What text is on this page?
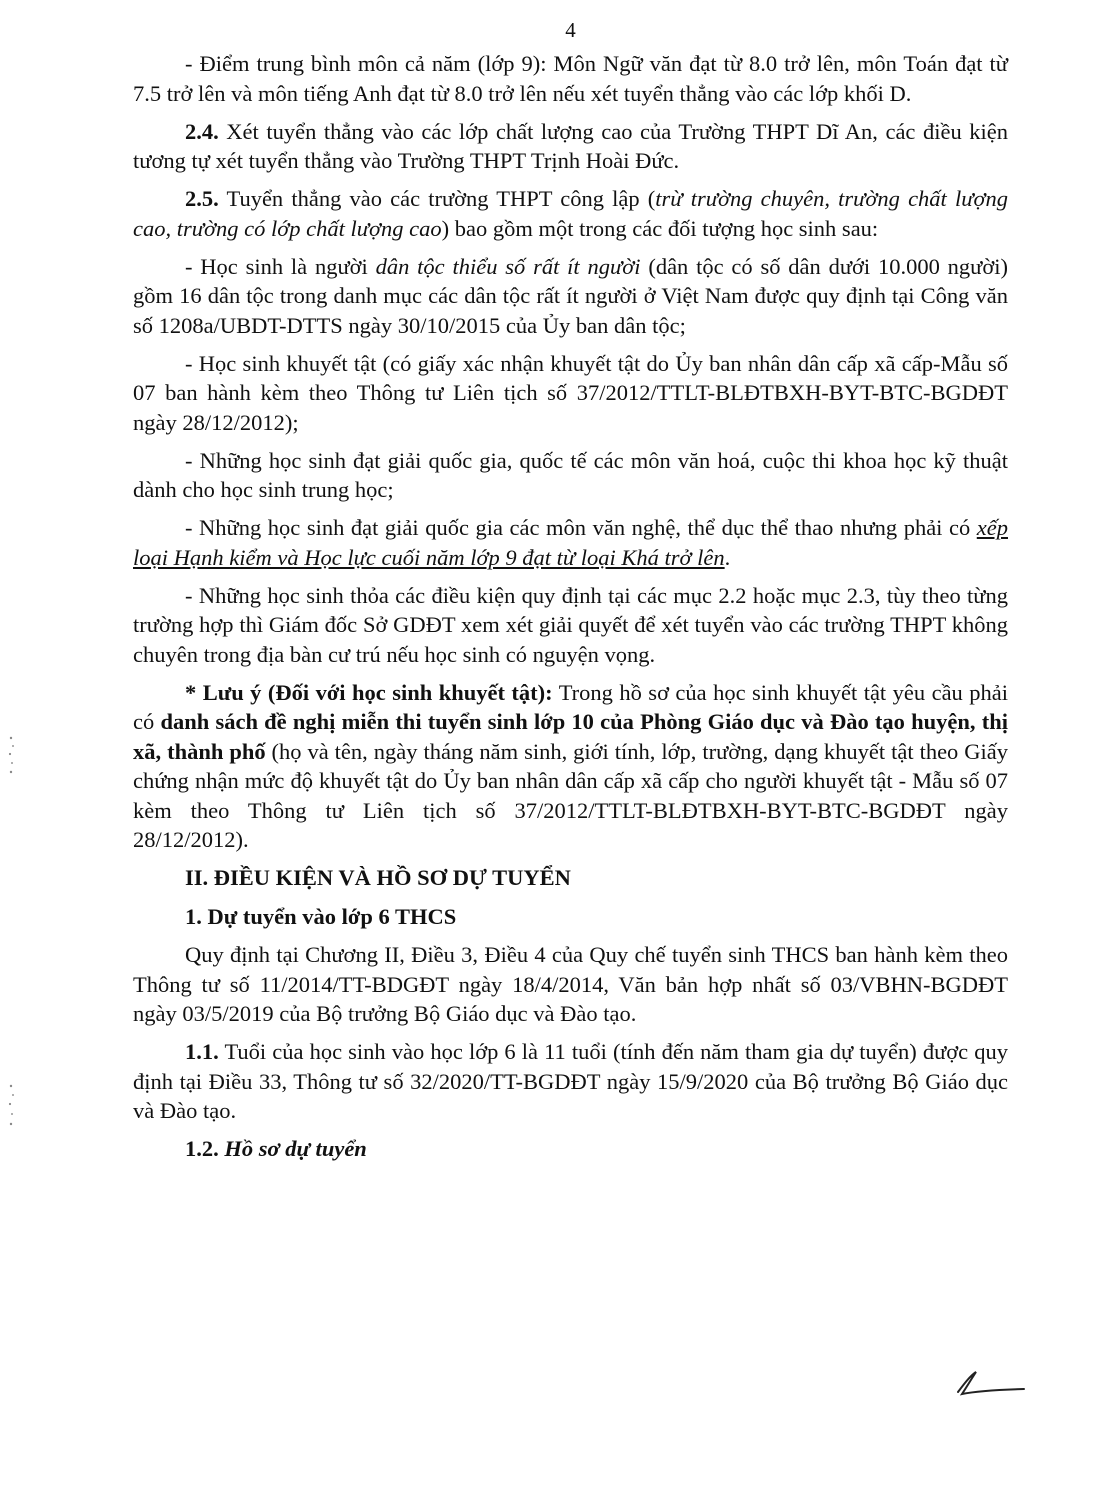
4

- Điểm trung bình môn cả năm (lớp 9): Môn Ngữ văn đạt từ 8.0 trở lên, môn Toán đạt từ 7.5 trở lên và môn tiếng Anh đạt từ 8.0 trở lên nếu xét tuyển thẳng vào các lớp khối D.

2.4. Xét tuyển thẳng vào các lớp chất lượng cao của Trường THPT Dĩ An, các điều kiện tương tự xét tuyển thẳng vào Trường THPT Trịnh Hoài Đức.

2.5. Tuyển thẳng vào các trường THPT công lập (trừ trường chuyên, trường chất lượng cao, trường có lớp chất lượng cao) bao gồm một trong các đối tượng học sinh sau:

- Học sinh là người dân tộc thiểu số rất ít người (dân tộc có số dân dưới 10.000 người) gồm 16 dân tộc trong danh mục các dân tộc rất ít người ở Việt Nam được quy định tại Công văn số 1208a/UBDT-DTTS ngày 30/10/2015 của Ủy ban dân tộc;

- Học sinh khuyết tật (có giấy xác nhận khuyết tật do Ủy ban nhân dân cấp xã cấp-Mẫu số 07 ban hành kèm theo Thông tư Liên tịch số 37/2012/TTLT-BLĐTBXH-BYT-BTC-BGDĐT ngày 28/12/2012);

- Những học sinh đạt giải quốc gia, quốc tế các môn văn hoá, cuộc thi khoa học kỹ thuật dành cho học sinh trung học;

- Những học sinh đạt giải quốc gia các môn văn nghệ, thể dục thể thao nhưng phải có xếp loại Hạnh kiểm và Học lực cuối năm lớp 9 đạt từ loại Khá trở lên.

- Những học sinh thỏa các điều kiện quy định tại các mục 2.2 hoặc mục 2.3, tùy theo từng trường hợp thì Giám đốc Sở GDĐT xem xét giải quyết để xét tuyển vào các trường THPT không chuyên trong địa bàn cư trú nếu học sinh có nguyện vọng.

* Lưu ý (Đối với học sinh khuyết tật): Trong hồ sơ của học sinh khuyết tật yêu cầu phải có danh sách đề nghị miễn thi tuyển sinh lớp 10 của Phòng Giáo dục và Đào tạo huyện, thị xã, thành phố (họ và tên, ngày tháng năm sinh, giới tính, lớp, trường, dạng khuyết tật theo Giấy chứng nhận mức độ khuyết tật do Ủy ban nhân dân cấp xã cấp cho người khuyết tật - Mẫu số 07 kèm theo Thông tư Liên tịch số 37/2012/TTLT-BLĐTBXH-BYT-BTC-BGDĐT ngày 28/12/2012).

II. ĐIỀU KIỆN VÀ HỒ SƠ DỰ TUYỂN
1. Dự tuyển vào lớp 6 THCS

Quy định tại Chương II, Điều 3, Điều 4 của Quy chế tuyển sinh THCS ban hành kèm theo Thông tư số 11/2014/TT-BDGĐT ngày 18/4/2014, Văn bản hợp nhất số 03/VBHN-BGDĐT ngày 03/5/2019 của Bộ trưởng Bộ Giáo dục và Đào tạo.

1.1. Tuổi của học sinh vào học lớp 6 là 11 tuổi (tính đến năm tham gia dự tuyển) được quy định tại Điều 33, Thông tư số 32/2020/TT-BGDĐT ngày 15/9/2020 của Bộ trưởng Bộ Giáo dục và Đào tạo.

1.2. Hồ sơ dự tuyển
